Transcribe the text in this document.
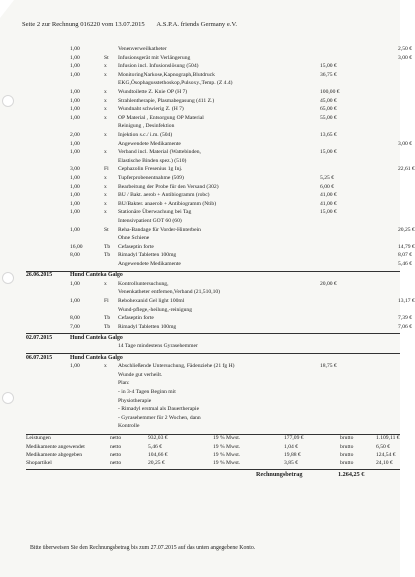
Seite 2 zur Rechnung 016220 vom 13.07.2015 A.S.P.A. friends Germany e.V.
1,00	Venenverweilkatheter	2,50 €
1,00	St Infusionsgerät mit Verlängerung	3,00 €
1,00	x Infusion incl. Infusionslösung (504)	15,00 €
1,00	x MonitoringNarkose,Kapnograph,Blutdruck	36,75 €
EKG,Ösophagusstethoskop,Pulsoxy.,Temp. (Z 4.4)
1,00	x Wundtoilette Z. Knie OP (H 7)	100,00 €
1,00	x Strahlentherapie, Plasmabegasung (411 Z.)	45,00 €
1,00	x Wundnaht schwierig Z. (H 7)	65,00 €
1,00	x OP Material , Entsorgung OP Material	55,00 €
Reinigung , Desinfektion
2,00	x Injektion s.c./ i.m. (504)	13,65 €
1,00	Angewendete Medikamente	3,00 €
1,00	x Verband incl. Material (Wattebinden,	15,00 €
Elastische Binden spez.) (510)
3,00	Fl Cephazolin Fresenius 1g Inj.	22,61 €
1,00	x Tupferprobenentnahme (509)	5,25 €
1,00	x Bearbeitung der Probe für den Versand (302)	6,00 €
1,00	x BU / Bakt. aerob + Antibiogramm (robc)	41,00 €
1,00	x BU/Bakter. anaerob + Antibiogramm (Ntib)	41,00 €
1,00	x Stationäre Überwachung bei Tag	15,00 €
Intensivpatient GOT 60 (60)
1,00	St Reha-Bandage für Vorder-Hinterbein	20,25 €
Ohne Schiene
16,00	Tb Cefaseptin forte	14,79 €
8,00	Tb Rimadyl Tabletten 100mg	8,07 €
Angewendete Medikamente	5,46 €
26.06.2015	Hund Canteka Galgo
1,00	x Kontrolluntersuchung,	20,00 €
Venenkatheter entfernen,Verband (21,510,10)
1,00	Fl Rebohexanid Gel light 100ml	13,17 €
Wund-pflege,-heilung,-reinigung
8,00	Tb Cefaseptin forte	7,39 €
7,00	Tb Rimadyl Tabletten 100mg	7,06 €
02.07.2015	Hund Canteka Galgo
14 Tage mindestens Gyrasehemmer
06.07.2015	Hund Canteka Galgo
1,00	x Abschließende Untersuchung, Fädenziehe (21 fg H)	18,75 €
Wunde gut verheilt.
Plan:
- in 3-4 Tagen Beginn mit
Physiotherapie
- Rimadyl erstmal als Dauertherapie
- Gyrasehemmer für 2 Wochen, dann
Kontrolle
Leistungen	netto	932,03 €	19 % Mwst.	177,09 €	brutto	1.109,11 €
Medikamente angewendet	netto	5,46 €	19 % Mwst.	1,04 €	brutto	6,50 €
Medikamente abgegeben	netto	104,66 €	19 % Mwst.	19,88 €	brutto	124,54 €
Shopartikel	netto	20,25 €	19 % Mwst.	3,85 €	brutto	24,10 €
Rechnungsbetrag	1.264,25 €
Bitte überweisen Sie den Rechnungsbetrag bis zum 27.07.2015 auf das unten angegebene Konto.
